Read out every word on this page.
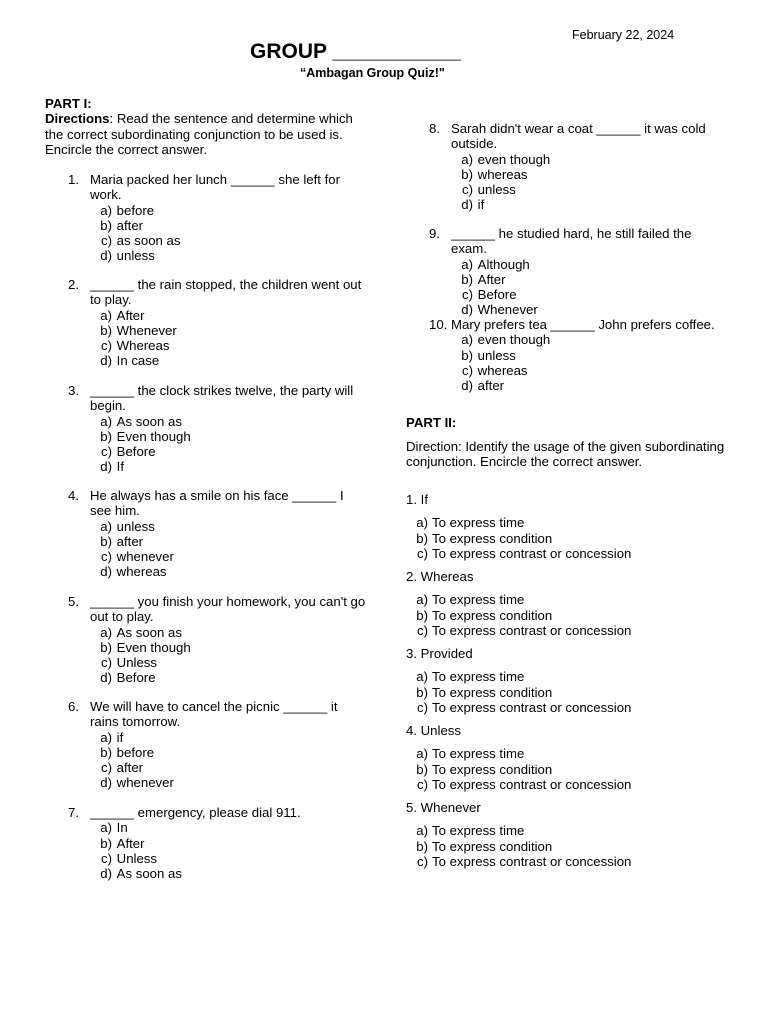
February 22, 2024
GROUP ___________
“Ambagan Group Quiz!"
PART I:

Directions: Read the sentence and determine which the correct subordinating conjunction to be used is. Encircle the correct answer.

1. Maria packed her lunch ______ she left for work.
a)
before
b)
after
c)
as soon as
d)
unless
2. ______ the rain stopped, the children went out to play.
a)
After
b)
Whenever
c)
Whereas
d)
In case
3. ______ the clock strikes twelve, the party will begin.
a)
As soon as
b)
Even though
c)
Before
d)
If
4. He always has a smile on his face ______ I see him.
a)
unless
b)
after
c)
whenever
d)
whereas
5. ______ you finish your homework, you can't go out to play.
a)
As soon as
b)
Even though
c)
Unless
d)
Before
6. We will have to cancel the picnic ______ it rains tomorrow.
a)
if
b)
before
c)
after
d)
whenever
7. ______ emergency, please dial 911.
a)
In
b)
After
c)
Unless
d)
As soon as
8. Sarah didn't wear a coat ______ it was cold outside.
a)
even though
b)
whereas
c)
unless
d)
if
9. ______ he studied hard, he still failed the exam.
a)
Although
b)
After
c)
Before
d)
Whenever
10. Mary prefers tea ______ John prefers coffee.
a)
even though
b)
unless
c)
whereas
d)
after
PART II:
Direction: Identify the usage of the given subordinating conjunction. Encircle the correct answer.
1. If
a) To express time
b) To express condition
c) To express contrast or concession
2. Whereas
a) To express time
b) To express condition
c) To express contrast or concession
3. Provided
a) To express time
b) To express condition
c) To express contrast or concession
4. Unless
a) To express time
b) To express condition
c) To express contrast or concession
5. Whenever
a) To express time
b) To express condition
c) To express contrast or concession
